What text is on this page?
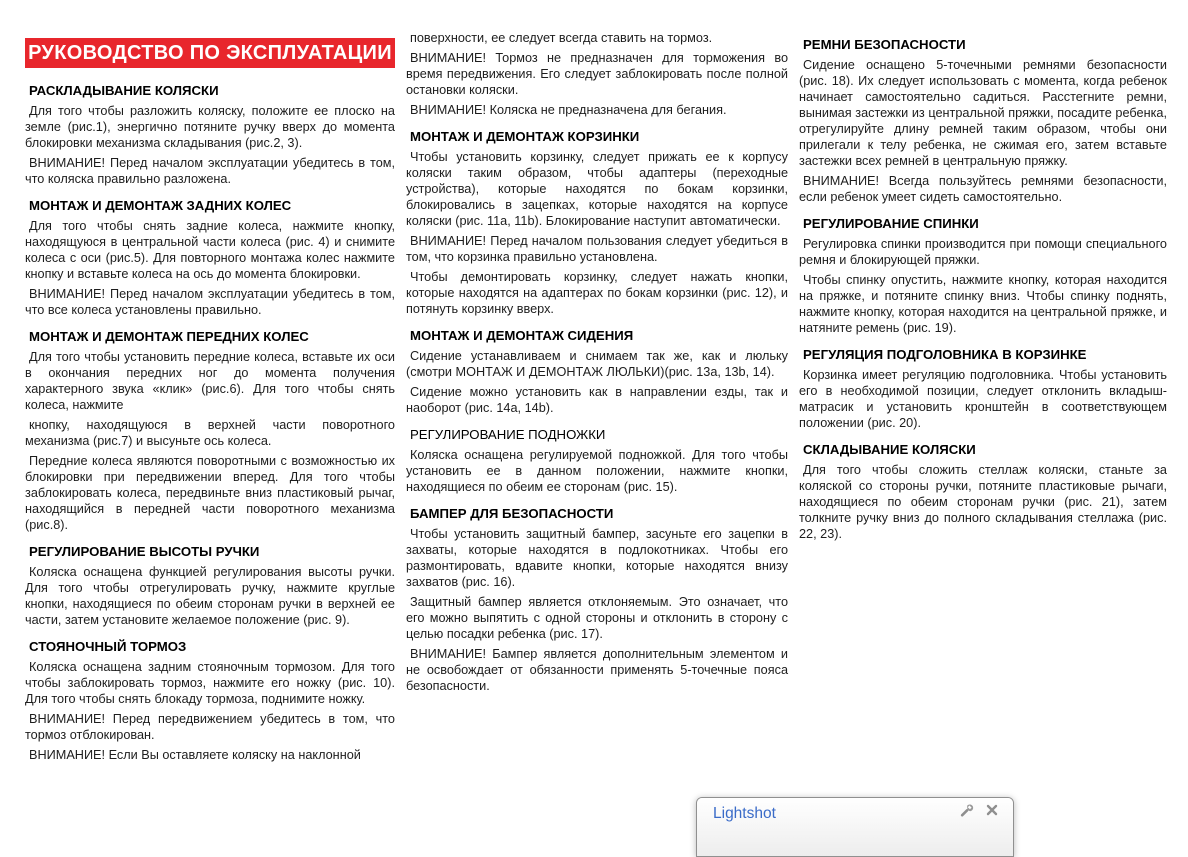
РУКОВОДСТВО ПО ЭКСПЛУАТАЦИИ
РАСКЛАДЫВАНИЕ КОЛЯСКИ

Для того чтобы разложить коляску, положите ее плоско на земле (рис.1), энергично потяните ручку вверх до момента блокировки механизма складывания (рис.2, 3).

ВНИМАНИЕ! Перед началом эксплуатации убедитесь в том, что коляска правильно разложена.

МОНТАЖ И ДЕМОНТАЖ ЗАДНИХ КОЛЕС

Для того чтобы снять задние колеса, нажмите кнопку, находящуюся в центральной части колеса (рис. 4) и снимите колеса с оси (рис.5). Для повторного монтажа колес нажмите кнопку и вставьте колеса на ось до момента блокировки.

ВНИМАНИЕ! Перед началом эксплуатации убедитесь в том, что все колеса установлены правильно.

МОНТАЖ И ДЕМОНТАЖ ПЕРЕДНИХ КОЛЕС

Для того чтобы установить передние колеса, вставьте их оси в окончания передних ног до момента получения характерного звука «клик» (рис.6). Для того чтобы снять колеса, нажмите

кнопку, находящуюся в верхней части поворотного механизма (рис.7) и высуньте ось колеса.

Передние колеса являются поворотными с возможностью их блокировки при передвижении вперед. Для того чтобы заблокировать колеса, передвиньте вниз пластиковый рычаг, находящийся в передней части поворотного механизма (рис.8).

РЕГУЛИРОВАНИЕ ВЫСОТЫ РУЧКИ

Коляска оснащена функцией регулирования высоты ручки. Для того чтобы отрегулировать ручку, нажмите круглые кнопки, находящиеся по обеим сторонам ручки в верхней ее части, затем установите желаемое положение (рис. 9).

СТОЯНОЧНЫЙ ТОРМОЗ

Коляска оснащена задним стояночным тормозом. Для того чтобы заблокировать тормоз, нажмите его ножку (рис. 10). Для того чтобы снять блокаду тормоза, поднимите ножку.

ВНИМАНИЕ! Перед передвижением убедитесь в том, что тормоз отблокирован.

ВНИМАНИЕ! Если Вы оставляете коляску на наклонной

поверхности, ее следует всегда ставить на тормоз.

ВНИМАНИЕ! Тормоз не предназначен для торможения во время передвижения. Его следует заблокировать после полной остановки коляски.

ВНИМАНИЕ! Коляска не предназначена для бегания.

МОНТАЖ И ДЕМОНТАЖ КОРЗИНКИ

Чтобы установить корзинку, следует прижать ее к корпусу коляски таким образом, чтобы адаптеры (переходные устройства), которые находятся по бокам корзинки, блокировались в зацепках, которые находятся на корпусе коляски (рис. 11a, 11b). Блокирование наступит автоматически.

ВНИМАНИЕ! Перед началом пользования следует убедиться в том, что корзинка правильно установлена.

Чтобы демонтировать корзинку, следует нажать кнопки, которые находятся на адаптерах по бокам корзинки (рис. 12), и потянуть корзинку вверх.

МОНТАЖ И ДЕМОНТАЖ СИДЕНИЯ

Сидение устанавливаем и снимаем так же, как и люльку (смотри МОНТАЖ И ДЕМОНТАЖ ЛЮЛЬКИ)(рис. 13a, 13b, 14).

Сидение можно установить как в направлении езды, так и наоборот (рис. 14a, 14b).

РЕГУЛИРОВАНИЕ ПОДНОЖКИ

Коляска оснащена регулируемой подножкой. Для того чтобы установить ее в данном положении, нажмите кнопки, находящиеся по обеим ее сторонам (рис. 15).

БАМПЕР ДЛЯ БЕЗОПАСНОСТИ

Чтобы установить защитный бампер, засуньте его зацепки в захваты, которые находятся в подлокотниках. Чтобы его размонтировать, вдавите кнопки, которые находятся внизу захватов (рис. 16).

Защитный бампер является отклоняемым. Это означает, что его можно выпятить с одной стороны и отклонить в сторону с целью посадки ребенка (рис. 17).

ВНИМАНИЕ! Бампер является дополнительным элементом и не освобождает от обязанности применять 5-точечные пояса безопасности.

РЕМНИ БЕЗОПАСНОСТИ

Сидение оснащено 5-точечными ремнями безопасности (рис. 18). Их следует использовать с момента, когда ребенок начинает самостоятельно садиться. Расстегните ремни, вынимая застежки из центральной пряжки, посадите ребенка, отрегулируйте длину ремней таким образом, чтобы они прилегали к телу ребенка, не сжимая его, затем вставьте застежки всех ремней в центральную пряжку.

ВНИМАНИЕ! Всегда пользуйтесь ремнями безопасности, если ребенок умеет сидеть самостоятельно.

РЕГУЛИРОВАНИЕ СПИНКИ

Регулировка спинки производится при помощи специального ремня и блокирующей пряжки.

Чтобы спинку опустить, нажмите кнопку, которая находится на пряжке, и потяните спинку вниз. Чтобы спинку поднять, нажмите кнопку, которая находится на центральной пряжке, и натяните ремень (рис. 19).

РЕГУЛЯЦИЯ ПОДГОЛОВНИКА В КОРЗИНКЕ

Корзинка имеет регуляцию подголовника. Чтобы установить его в необходимой позиции, следует отклонить вкладыш-матрасик и установить кронштейн в соответствующем положении (рис. 20).

СКЛАДЫВАНИЕ КОЛЯСКИ

Для того чтобы сложить стеллаж коляски, станьте за коляской со стороны ручки, потяните пластиковые рычаги, находящиеся по обеим сторонам ручки (рис. 21), затем толкните ручку вниз до полного складывания стеллажа (рис. 22, 23).

Lightshot
